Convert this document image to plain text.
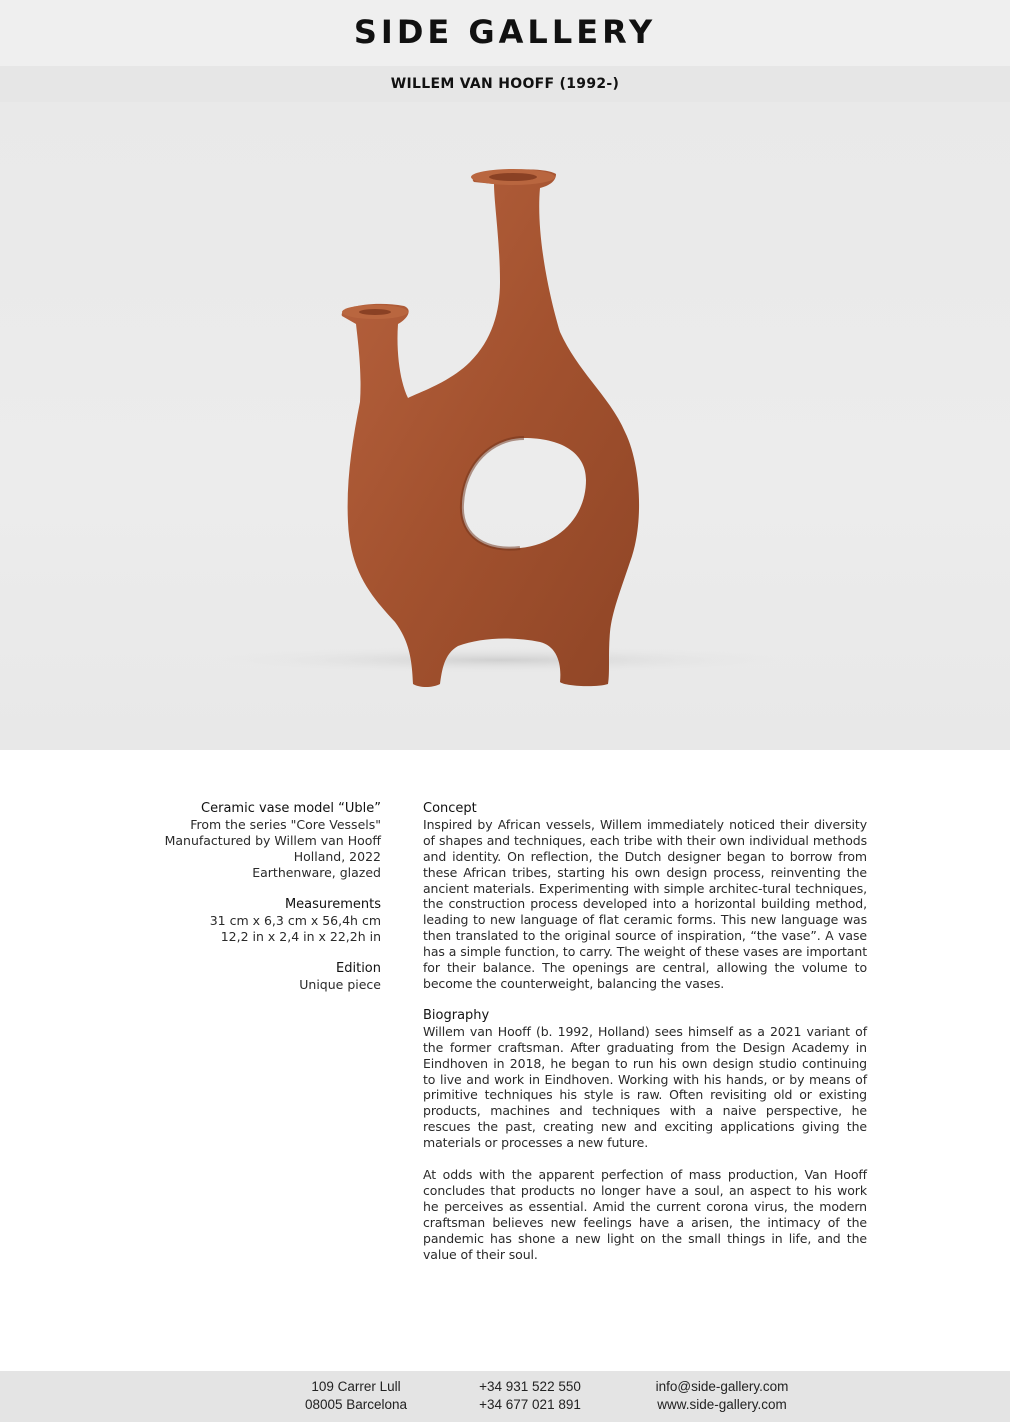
SIDE GALLERY
WILLEM VAN HOOFF (1992-)
Ceramic vase model “Uble”
From the series "Core Vessels"
Manufactured by Willem van Hooff
Holland, 2022
Earthenware, glazed
Measurements
31 cm x 6,3 cm x 56,4h cm
12,2 in x 2,4 in x 22,2h in
Edition
Unique piece
Concept

Inspired by African vessels, Willem immediately noticed their diversity of shapes and techniques, each tribe with their own individual methods and identity. On reflection, the Dutch designer began to borrow from these African tribes, starting his own design process, reinventing the ancient materials. Experimenting with simple architec-tural techniques, the construction process developed into a horizontal building method, leading to new language of flat ceramic forms. This new language was then translated to the original source of inspiration, “the vase”. A vase has a simple function, to carry. The weight of these vases are important for their balance. The openings are central, allowing the volume to become the counterweight, balancing the vases.

Biography

Willem van Hooff (b. 1992, Holland) sees himself as a 2021 variant of the former craftsman. After graduating from the Design Academy in Eindhoven in 2018, he began to run his own design studio continuing to live and work in Eindhoven. Working with his hands, or by means of primitive techniques his style is raw. Often revisiting old or existing products, machines and techniques with a naive perspective, he rescues the past, creating new and exciting applications giving the materials or processes a new future.

At odds with the apparent perfection of mass production, Van Hooff concludes that products no longer have a soul, an aspect to his work he perceives as essential. Amid the current corona virus, the modern craftsman believes new feelings have a arisen, the intimacy of the pandemic has shone a new light on the small things in life, and the value of their soul.

109 Carrer Lull
08005 Barcelona
+34 931 522 550
+34 677 021 891
info@side-gallery.com
www.side-gallery.com
